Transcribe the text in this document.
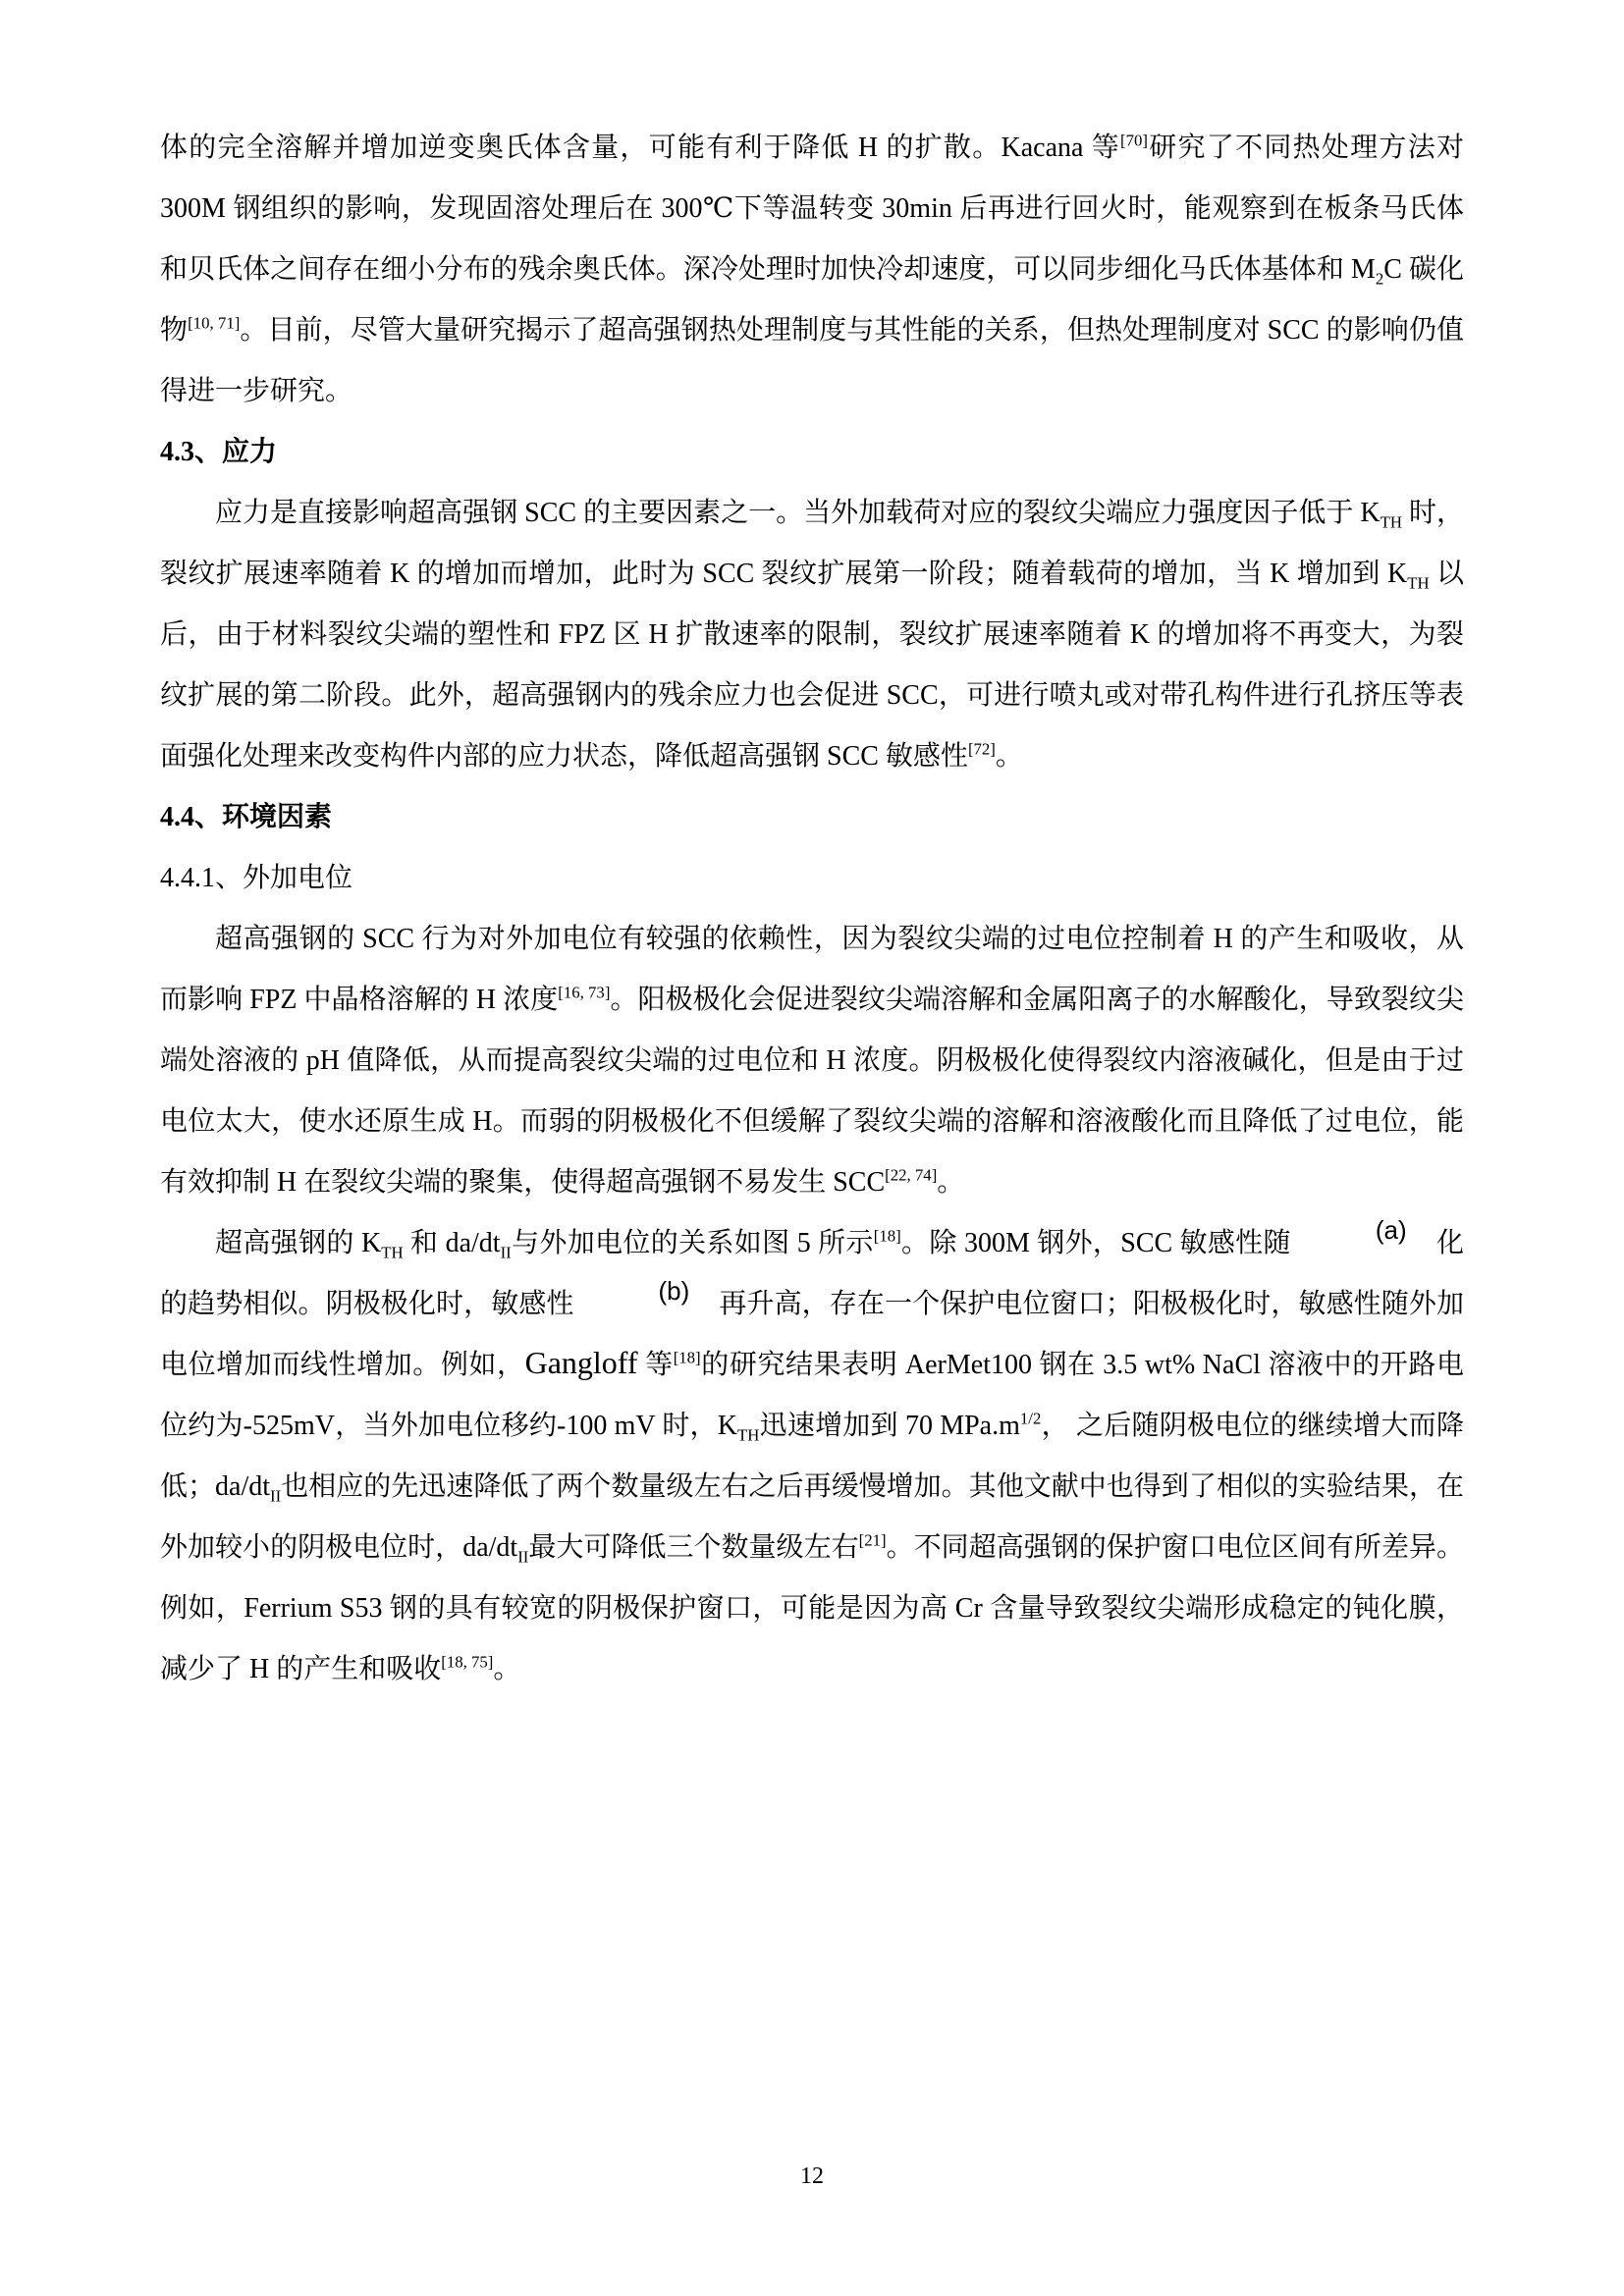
体的完全溶解并增加逆变奥氏体含量，可能有利于降低 H 的扩散。Kacana 等[70]研究了不同热处理方法对 300M 钢组织的影响，发现固溶处理后在 300℃下等温转变 30min 后再进行回火时，能观察到在板条马氏体和贝氏体之间存在细小分布的残余奥氏体。深冷处理时加快冷却速度，可以同步细化马氏体基体和 $M_2C$ 碳化物[10, 71]。目前，尽管大量研究揭示了超高强钢热处理制度与其性能的关系，但热处理制度对 SCC 的影响仍值得进一步研究。

4.3、应力

应力是直接影响超高强钢 SCC 的主要因素之一。当外加载荷对应的裂纹尖端应力强度因子低于 $K_{TH}$ 时，裂纹扩展速率随着 K 的增加而增加，此时为 SCC 裂纹扩展第一阶段；随着载荷的增加，当 K 增加到 $K_{TH}$ 以后，由于材料裂纹尖端的塑性和 FPZ 区 H 扩散速率的限制，裂纹扩展速率随着 K 的增加将不再变大，为裂纹扩展的第二阶段。此外，超高强钢内的残余应力也会促进 SCC，可进行喷丸或对带孔构件进行孔挤压等表面强化处理来改变构件内部的应力状态，降低超高强钢 SCC 敏感性[72]。

4.4、环境因素
4.4.1、外加电位

超高强钢的 SCC 行为对外加电位有较强的依赖性，因为裂纹尖端的过电位控制着 H 的产生和吸收，从而影响 FPZ 中晶格溶解的 H 浓度[16, 73]。阳极极化会促进裂纹尖端溶解和金属阳离子的水解酸化，导致裂纹尖端处溶液的 pH 值降低，从而提高裂纹尖端的过电位和 H 浓度。阴极极化使得裂纹内溶液碱化，但是由于过电位太大，使水还原生成 H。而弱的阴极极化不但缓解了裂纹尖端的溶解和溶液酸化而且降低了过电位，能有效抑制 H 在裂纹尖端的聚集，使得超高强钢不易发生 SCC[22, 74]。

超高强钢的 $K_{TH}$ 和 $da/dt_{II}$与外加电位的关系如图 5 所示[18]。除 300M 钢外，SCC 敏感性随	(a) 化的趋势相似。阴极极化时，敏感性	(b) 再升高，存在一个保护电位窗口；阳极极化时，敏感性随外加电位增加而线性增加。例如，Gangloff 等[18]的研究结果表明 AerMet100 钢在 3.5 wt% NaCl 溶液中的开路电位约为-525mV，当外加电位移约-100 mV 时，$K_{TH}$迅速增加到 70 MPa.m$^{1/2}$， 之后随阴极电位的继续增大而降低；$da/dt_{II}$也相应的先迅速降低了两个数量级左右之后再缓慢增加。其他文献中也得到了相似的实验结果，在外加较小的阴极电位时，$da/dt_{II}$最大可降低三个数量级左右[21]。不同超高强钢的保护窗口电位区间有所差异。例如，Ferrium S53 钢的具有较宽的阴极保护窗口，可能是因为高 Cr 含量导致裂纹尖端形成稳定的钝化膜，减少了 H 的产生和吸收[18, 75]。

12
